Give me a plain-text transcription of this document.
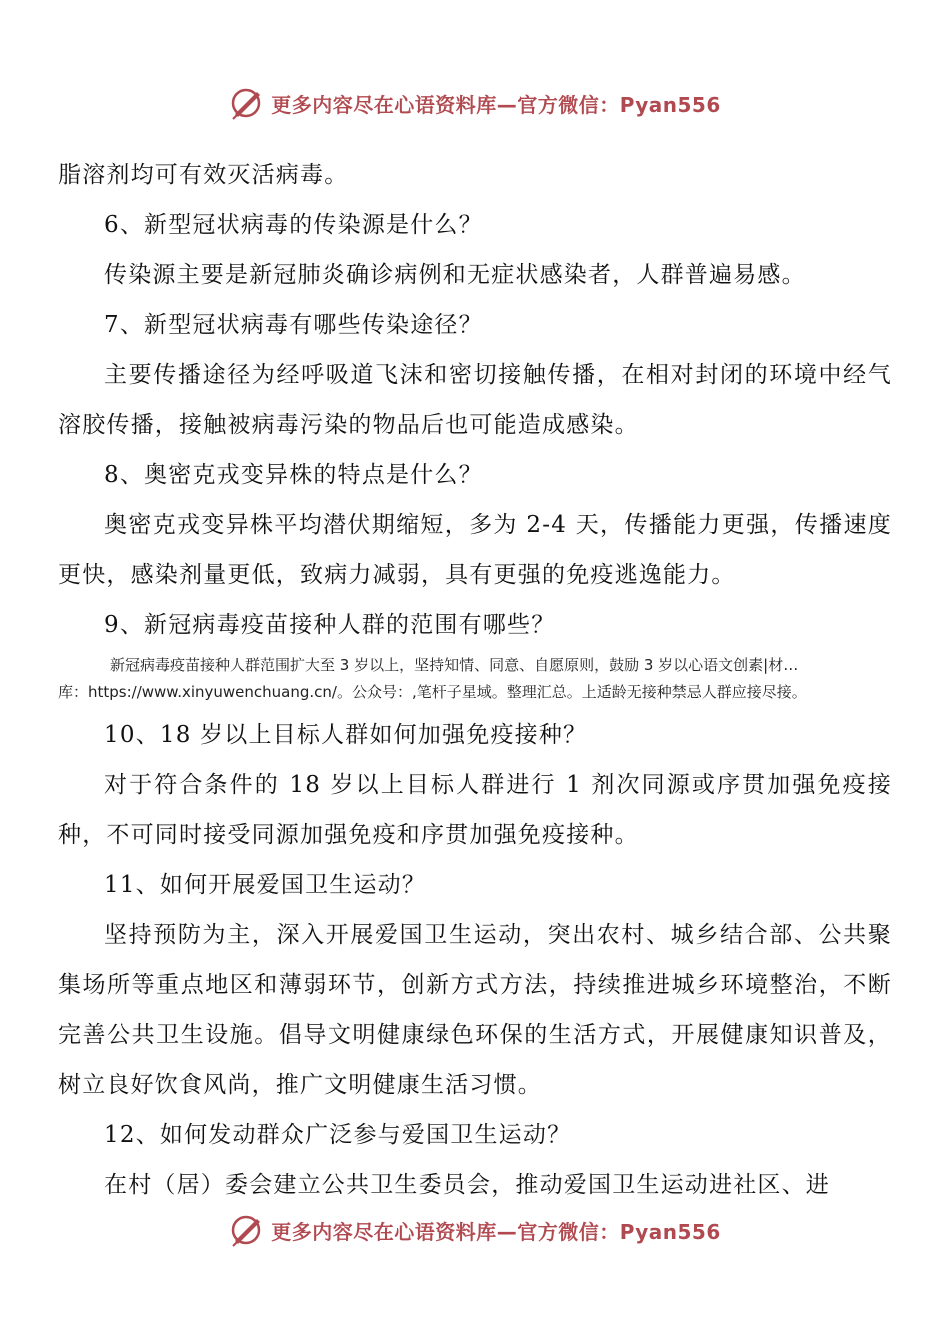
更多内容尽在心语资料库—官方微信：Pyan556

脂溶剂均可有效灭活病毒。

6、新型冠状病毒的传染源是什么？

传染源主要是新冠肺炎确诊病例和无症状感染者，人群普遍易感。

7、新型冠状病毒有哪些传染途径？

主要传播途径为经呼吸道飞沫和密切接触传播，在相对封闭的环境中经气溶胶传播，接触被病毒污染的物品后也可能造成感染。

8、奥密克戎变异株的特点是什么？

奥密克戎变异株平均潜伏期缩短，多为 2-4 天，传播能力更强，传播速度更快，感染剂量更低，致病力减弱，具有更强的免疫逃逸能力。

9、新冠病毒疫苗接种人群的范围有哪些？

新冠病毒疫苗接种人群范围扩大至 3 岁以上，坚持知情、同意、自愿原则，鼓励 3 岁以心语文创素|材…
库：https://www.xinyuwenchuang.cn/。公众号：,笔杆子星域。整理汇总。上适龄无接种禁忌人群应接尽接。

10、18 岁以上目标人群如何加强免疫接种？

对于符合条件的 18 岁以上目标人群进行 1 剂次同源或序贯加强免疫接种，不可同时接受同源加强免疫和序贯加强免疫接种。

11、如何开展爱国卫生运动？

坚持预防为主，深入开展爱国卫生运动，突出农村、城乡结合部、公共聚集场所等重点地区和薄弱环节，创新方式方法，持续推进城乡环境整治，不断完善公共卫生设施。倡导文明健康绿色环保的生活方式，开展健康知识普及，树立良好饮食风尚，推广文明健康生活习惯。

12、如何发动群众广泛参与爱国卫生运动？

在村（居）委会建立公共卫生委员会，推动爱国卫生运动进社区、进

更多内容尽在心语资料库—官方微信：Pyan556
